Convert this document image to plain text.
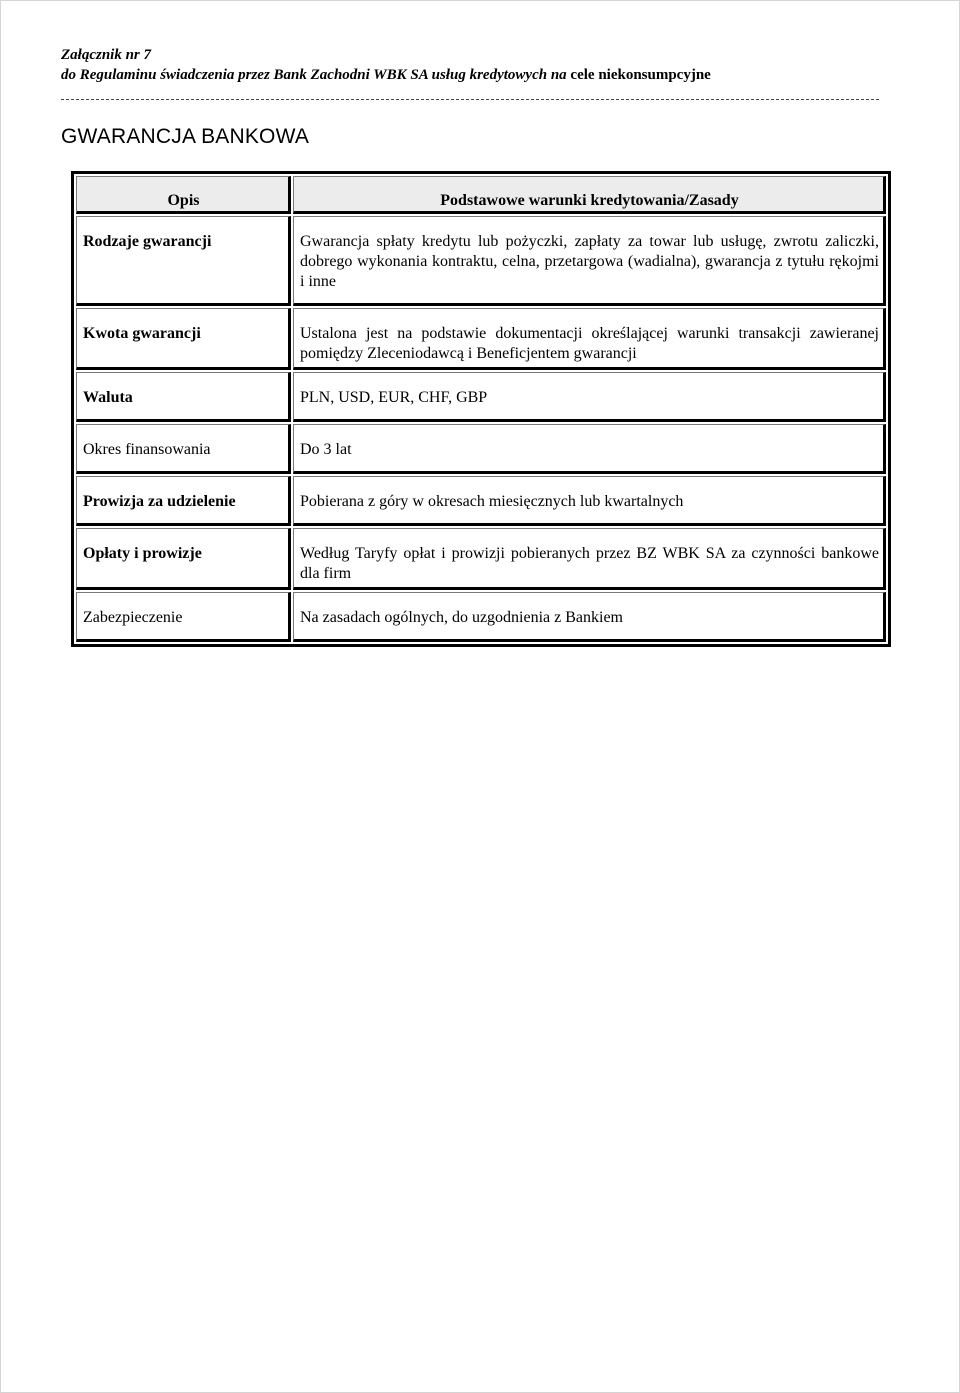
Załącznik nr 7
do Regulaminu świadczenia przez Bank Zachodni WBK SA usług kredytowych na cele niekonsumpcyjne
GWARANCJA BANKOWA
Opis	Podstawowe warunki kredytowania/Zasady

Rodzaje gwarancji	Gwarancja spłaty kredytu lub pożyczki, zapłaty za towar lub usługę, zwrotu zaliczki, dobrego wykonania kontraktu, celna, przetargowa (wadialna), gwarancja z tytułu rękojmi i inne

Kwota gwarancji	Ustalona jest na podstawie dokumentacji określającej warunki transakcji zawieranej pomiędzy Zleceniodawcą i Beneficjentem gwarancji

Waluta	PLN, USD, EUR, CHF, GBP

Okres finansowania	Do 3 lat

Prowizja za udzielenie	Pobierana z góry w okresach miesięcznych lub kwartalnych

Opłaty i prowizje	Według Taryfy opłat i prowizji pobieranych przez BZ WBK SA za czynności bankowe dla firm

Zabezpieczenie	Na zasadach ogólnych, do uzgodnienia z Bankiem
